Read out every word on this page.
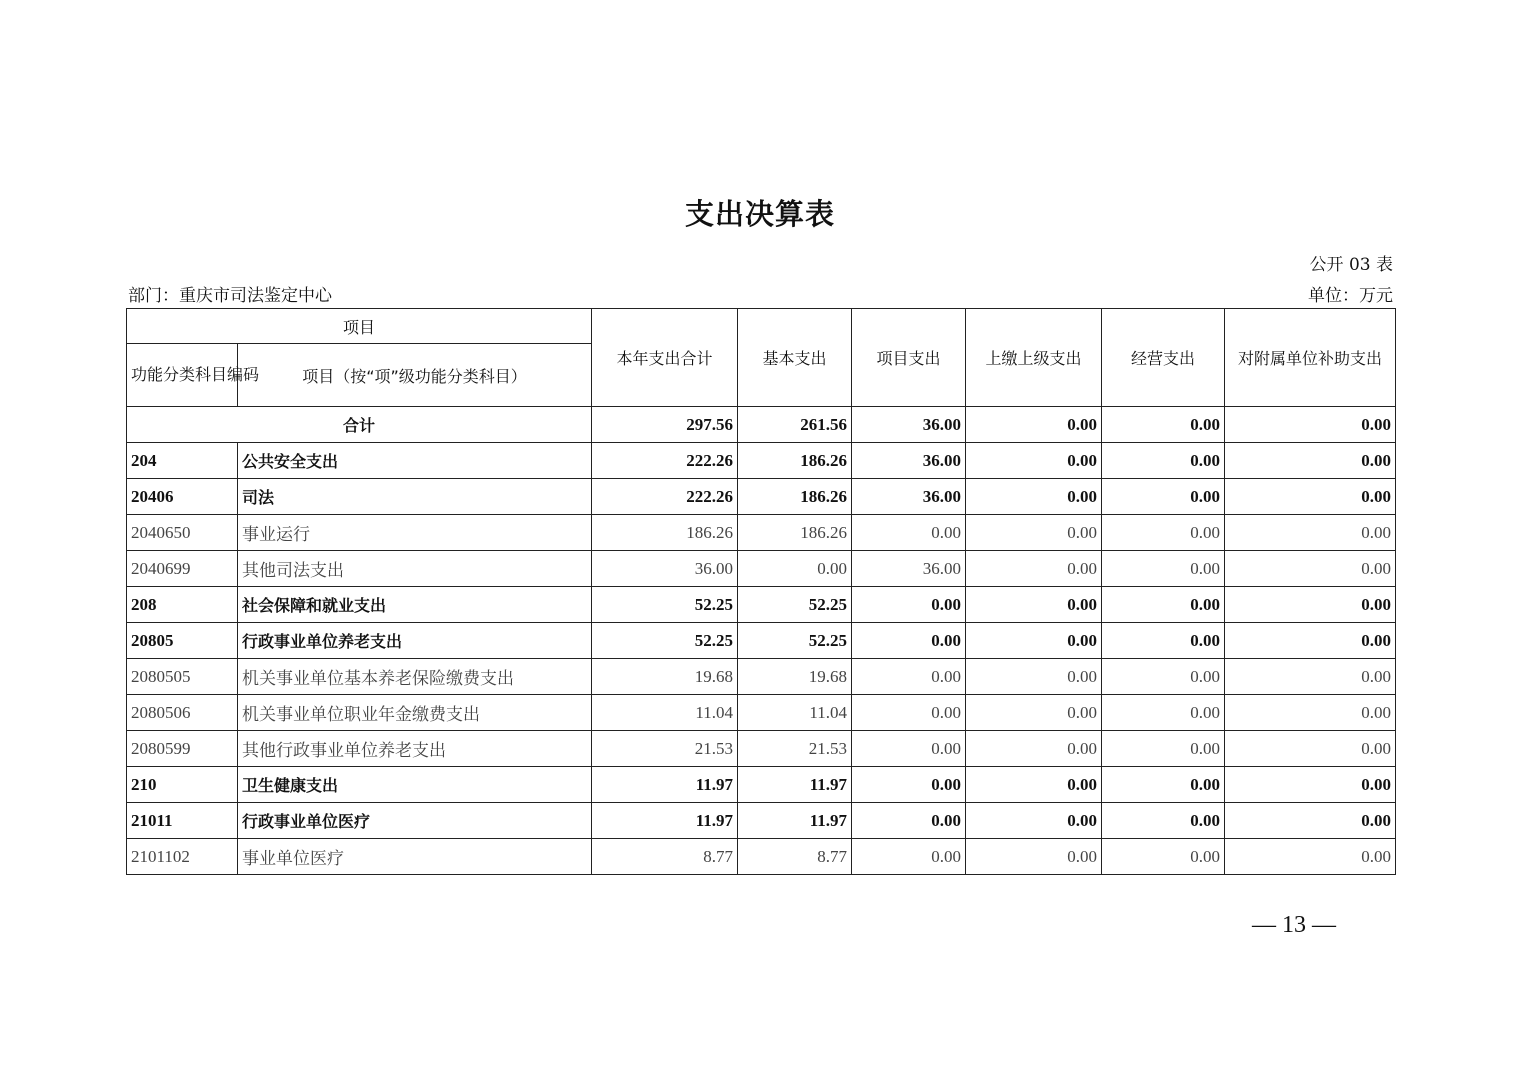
支出决算表
公开 03 表
部门：重庆市司法鉴定中心	单位：万元
项目		本年支出合计	基本支出	项目支出	上缴上级支出	经营支出	对附属单位补助支出
功能分类科目编码	项目（按“项”级功能分类科目）						
合计		297.56	261.56	36.00	0.00	0.00	0.00
204	公共安全支出	222.26	186.26	36.00	0.00	0.00	0.00
20406	司法	222.26	186.26	36.00	0.00	0.00	0.00
2040650	事业运行	186.26	186.26	0.00	0.00	0.00	0.00
2040699	其他司法支出	36.00	0.00	36.00	0.00	0.00	0.00
208	社会保障和就业支出	52.25	52.25	0.00	0.00	0.00	0.00
20805	行政事业单位养老支出	52.25	52.25	0.00	0.00	0.00	0.00
2080505	机关事业单位基本养老保险缴费支出	19.68	19.68	0.00	0.00	0.00	0.00
2080506	机关事业单位职业年金缴费支出	11.04	11.04	0.00	0.00	0.00	0.00
2080599	其他行政事业单位养老支出	21.53	21.53	0.00	0.00	0.00	0.00
210	卫生健康支出	11.97	11.97	0.00	0.00	0.00	0.00
21011	行政事业单位医疗	11.97	11.97	0.00	0.00	0.00	0.00
2101102	事业单位医疗	8.77	8.77	0.00	0.00	0.00	0.00
— 13 —
